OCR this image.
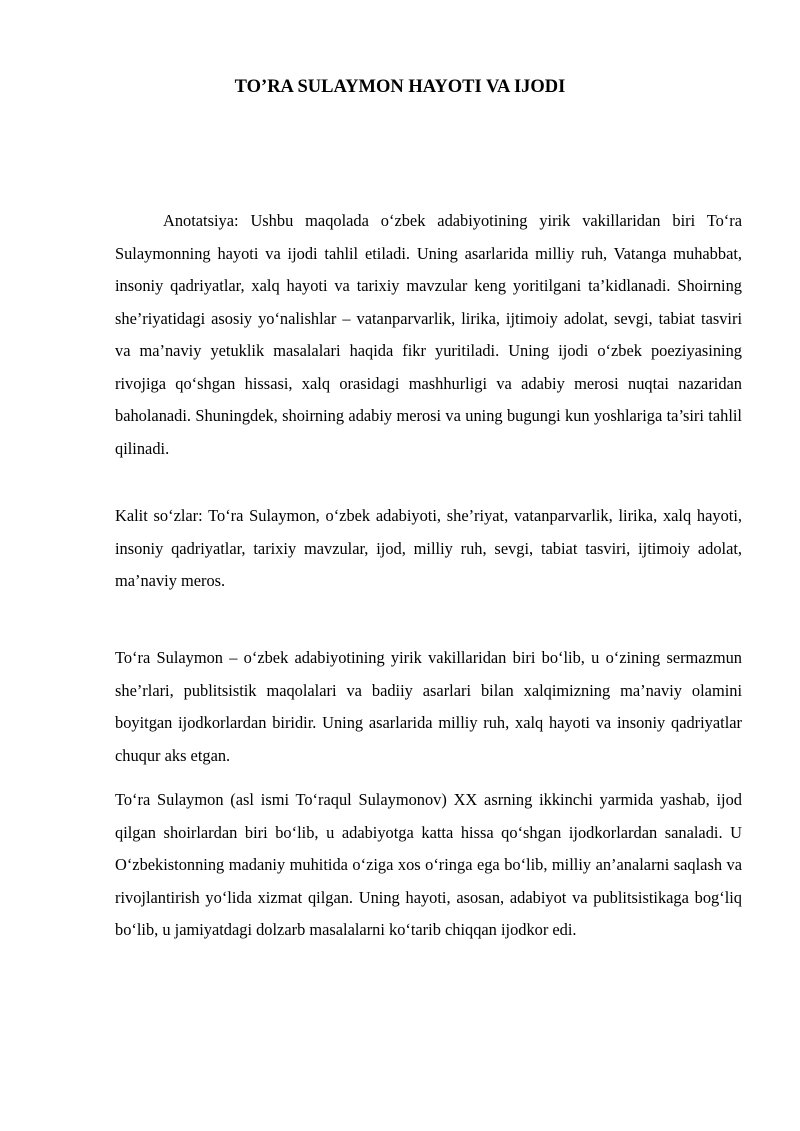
TO’RA SULAYMON HAYOTI VA IJODI

Anotatsiya: Ushbu maqolada o‘zbek adabiyotining yirik vakillaridan biri To‘ra Sulaymonning hayoti va ijodi tahlil etiladi. Uning asarlarida milliy ruh, Vatanga muhabbat, insoniy qadriyatlar, xalq hayoti va tarixiy mavzular keng yoritilgani ta’kidlanadi. Shoirning she’riyatidagi asosiy yo‘nalishlar – vatanparvarlik, lirika, ijtimoiy adolat, sevgi, tabiat tasviri va ma’naviy yetuklik masalalari haqida fikr yuritiladi. Uning ijodi o‘zbek poeziyasining rivojiga qo‘shgan hissasi, xalq orasidagi mashhurligi va adabiy merosi nuqtai nazaridan baholanadi. Shuningdek, shoirning adabiy merosi va uning bugungi kun yoshlariga ta’siri tahlil qilinadi.

Kalit so‘zlar: To‘ra Sulaymon, o‘zbek adabiyoti, she’riyat, vatanparvarlik, lirika, xalq hayoti, insoniy qadriyatlar, tarixiy mavzular, ijod, milliy ruh, sevgi, tabiat tasviri, ijtimoiy adolat, ma’naviy meros.

To‘ra Sulaymon – o‘zbek adabiyotining yirik vakillaridan biri bo‘lib, u o‘zining sermazmun she’rlari, publitsistik maqolalari va badiiy asarlari bilan xalqimizning ma’naviy olamini boyitgan ijodkorlardan biridir. Uning asarlarida milliy ruh, xalq hayoti va insoniy qadriyatlar chuqur aks etgan.

To‘ra Sulaymon (asl ismi To‘raqul Sulaymonov) XX asrning ikkinchi yarmida yashab, ijod qilgan shoirlardan biri bo‘lib, u adabiyotga katta hissa qo‘shgan ijodkorlardan sanaladi. U O‘zbekistonning madaniy muhitida o‘ziga xos o‘ringa ega bo‘lib, milliy an’analarni saqlash va rivojlantirish yo‘lida xizmat qilgan. Uning hayoti, asosan, adabiyot va publitsistikaga bog‘liq bo‘lib, u jamiyatdagi dolzarb masalalarni ko‘tarib chiqqan ijodkor edi.
